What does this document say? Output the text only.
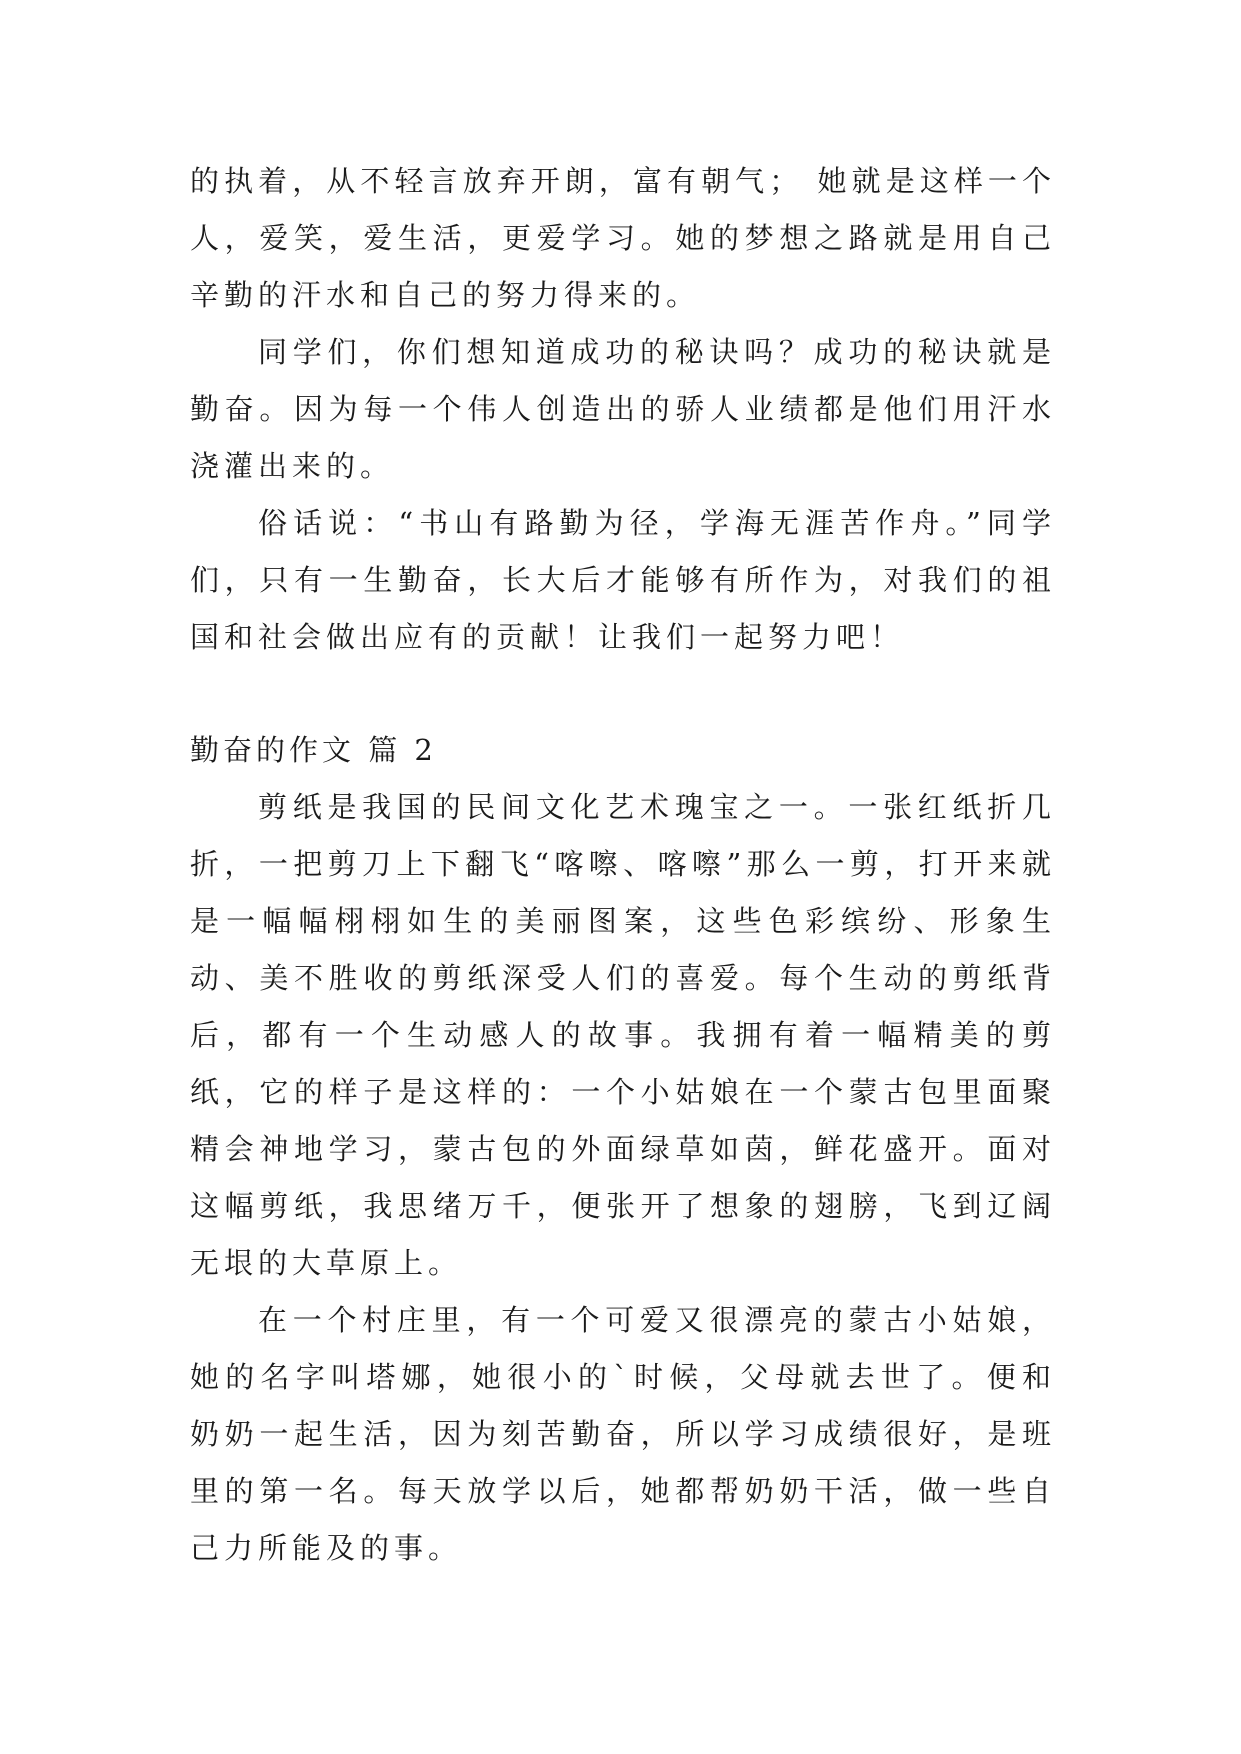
的执着，从不轻言放弃开朗，富有朝气； 她就是这样一个人，爱笑，爱生活，更爱学习。她的梦想之路就是用自己辛勤的汗水和自己的努力得来的。

同学们，你们想知道成功的秘诀吗？成功的秘诀就是勤奋。因为每一个伟人创造出的骄人业绩都是他们用汗水浇灌出来的。

俗话说：“书山有路勤为径，学海无涯苦作舟。”同学们，只有一生勤奋，长大后才能够有所作为，对我们的祖国和社会做出应有的贡献！让我们一起努力吧！

勤奋的作文 篇 2

剪纸是我国的民间文化艺术瑰宝之一。一张红纸折几折，一把剪刀上下翻飞“喀嚓、喀嚓”那么一剪，打开来就是一幅幅栩栩如生的美丽图案，这些色彩缤纷、形象生动、美不胜收的剪纸深受人们的喜爱。每个生动的剪纸背后，都有一个生动感人的故事。我拥有着一幅精美的剪纸，它的样子是这样的：一个小姑娘在一个蒙古包里面聚精会神地学习，蒙古包的外面绿草如茵，鲜花盛开。面对这幅剪纸，我思绪万千，便张开了想象的翅膀，飞到辽阔无垠的大草原上。

在一个村庄里，有一个可爱又很漂亮的蒙古小姑娘，她的名字叫塔娜，她很小的`时候，父母就去世了。便和奶奶一起生活，因为刻苦勤奋，所以学习成绩很好，是班里的第一名。每天放学以后，她都帮奶奶干活，做一些自己力所能及的事。
